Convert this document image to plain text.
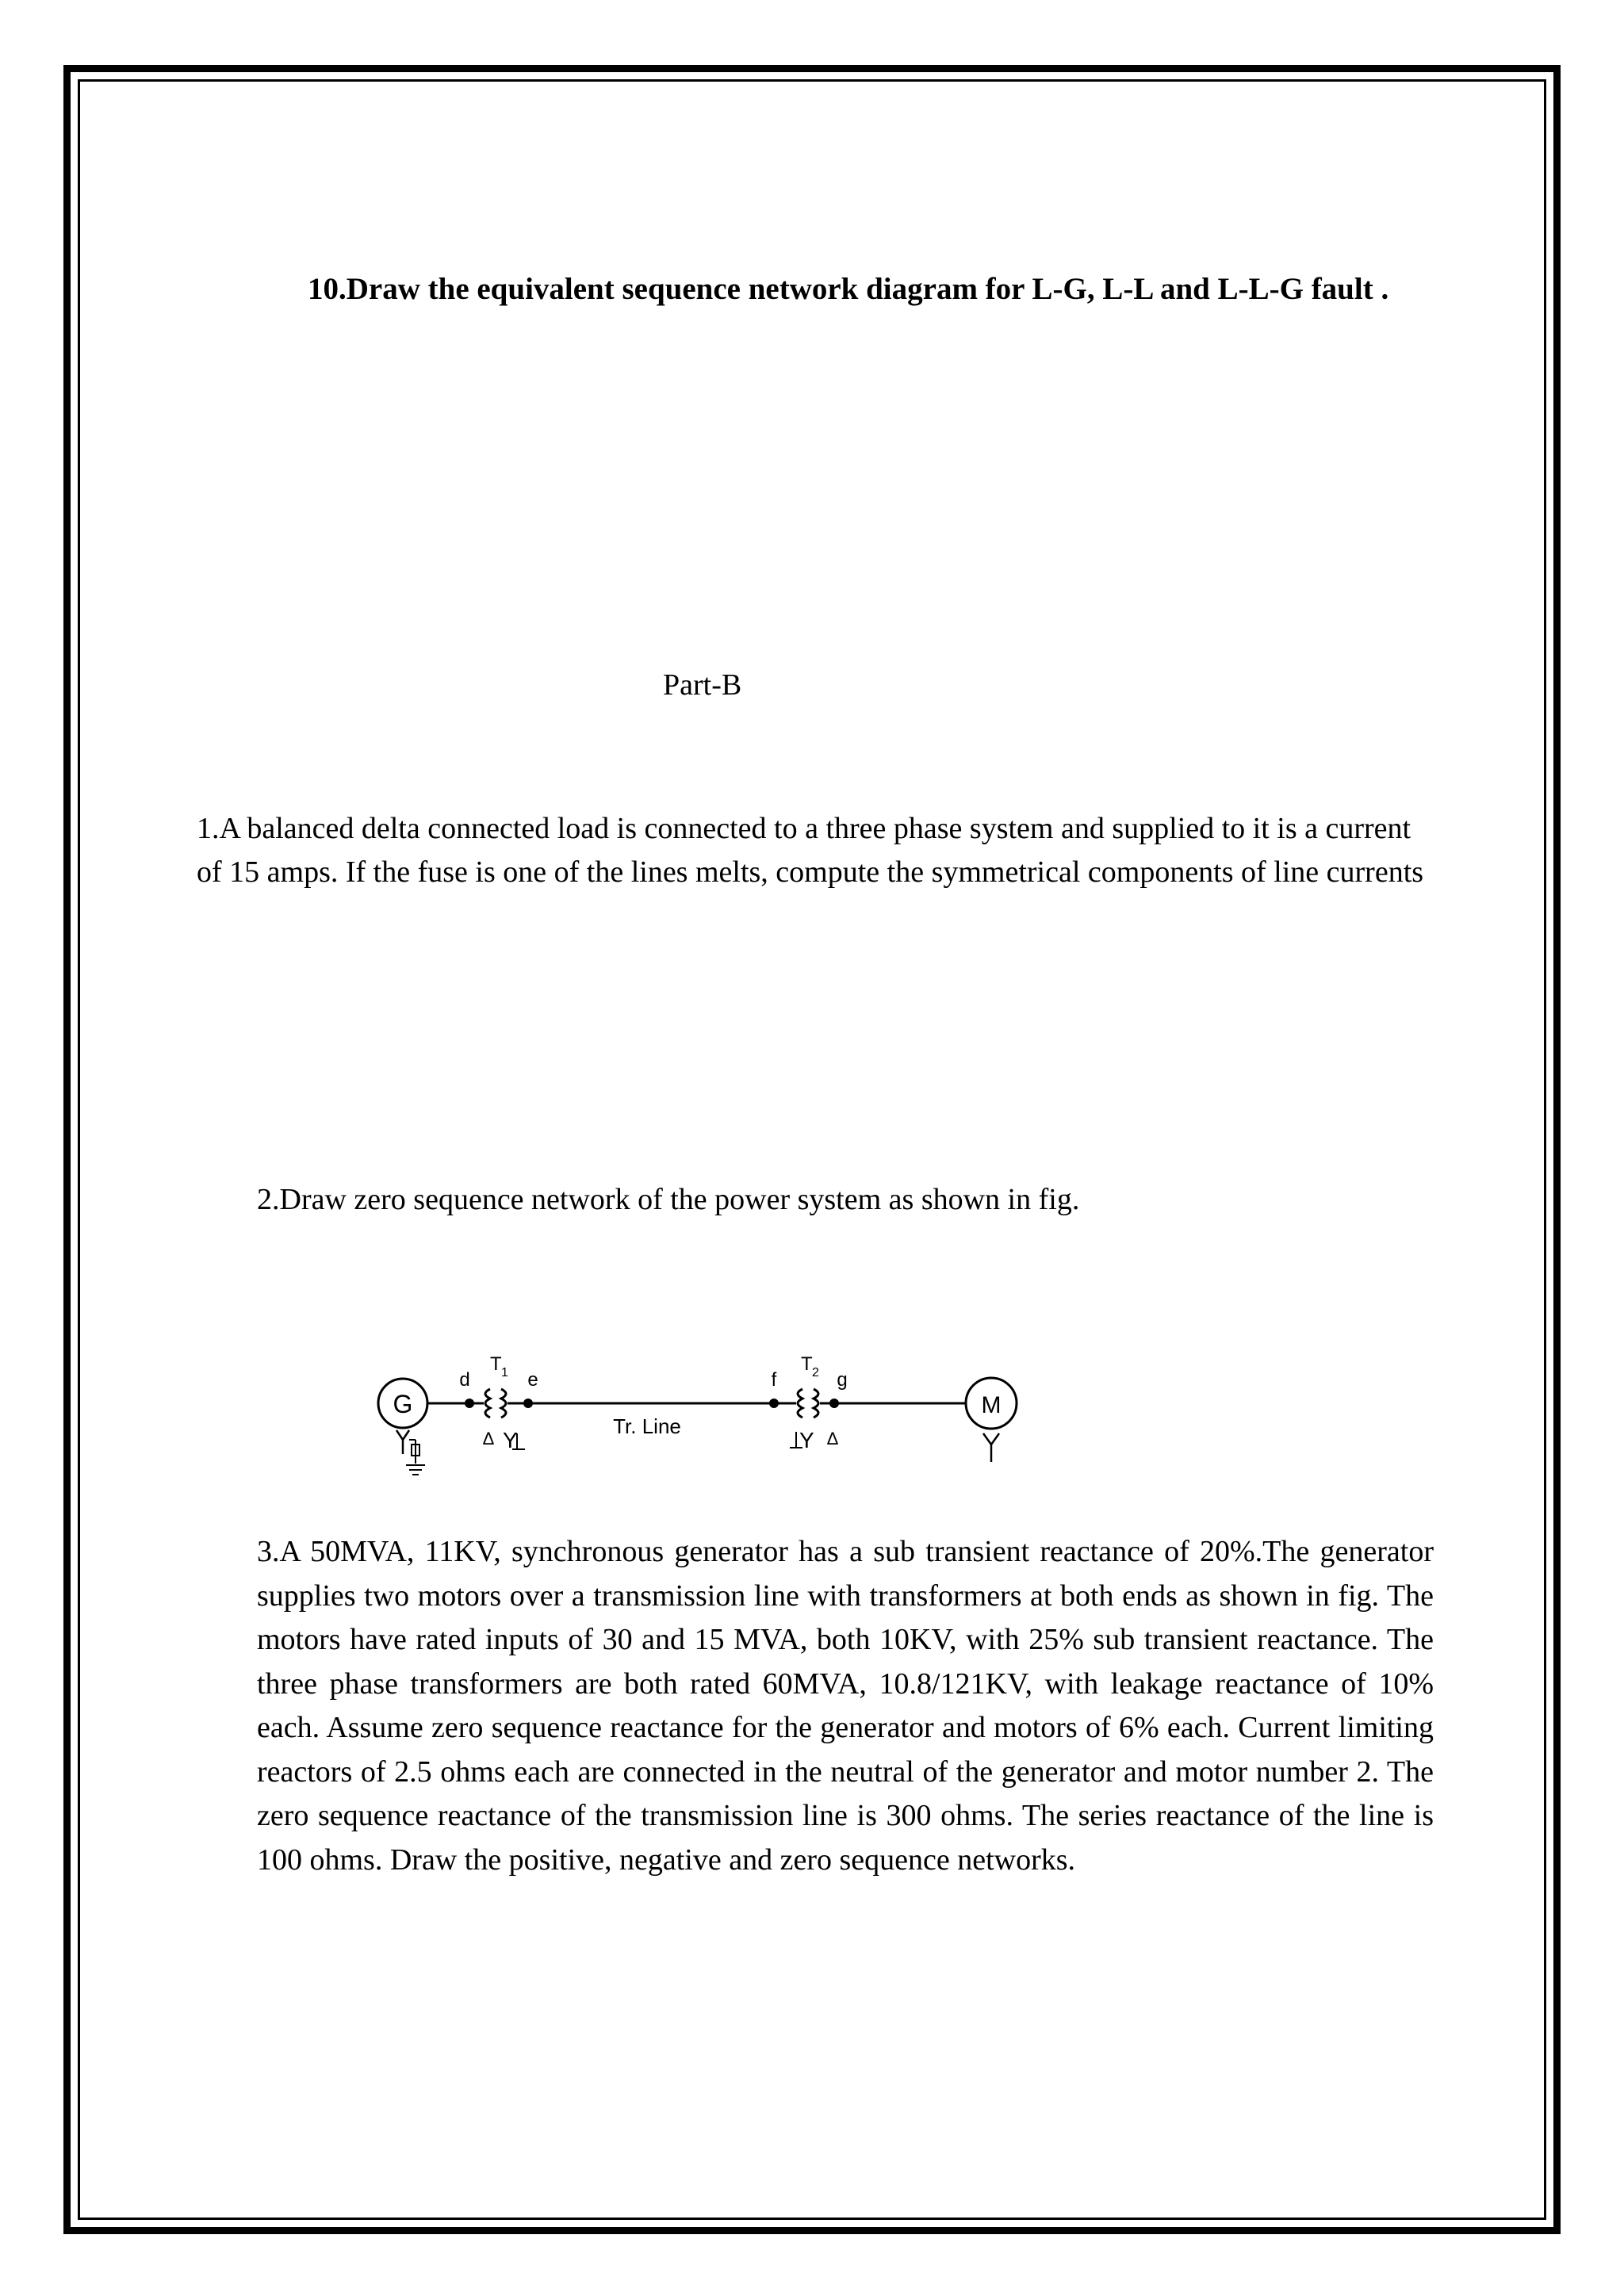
10.Draw the equivalent sequence network diagram for L-G, L-L and L-L-G fault .

Part-B

1.A balanced delta connected load is connected to a three phase system and supplied to it is a current of 15 amps. If the fuse is one of the lines melts, compute the symmetrical components of line currents

2.Draw zero sequence network of the power system as shown in fig.

G
d
T 1
Δ Y
e
Tr. Line
f
T 2
Y Δ
g
M

3.A 50MVA, 11KV, synchronous generator has a sub transient reactance of 20%.The generator supplies two motors over a transmission line with transformers at both ends as shown in fig. The motors have rated inputs of 30 and 15 MVA, both 10KV, with 25% sub transient reactance. The three phase transformers are both rated 60MVA, 10.8/121KV, with leakage reactance of 10% each. Assume zero sequence reactance for the generator and motors of 6% each. Current limiting reactors of 2.5 ohms each are connected in the neutral of the generator and motor number 2. The zero sequence reactance of the transmission line is 300 ohms. The series reactance of the line is 100 ohms. Draw the positive, negative and zero sequence networks.
